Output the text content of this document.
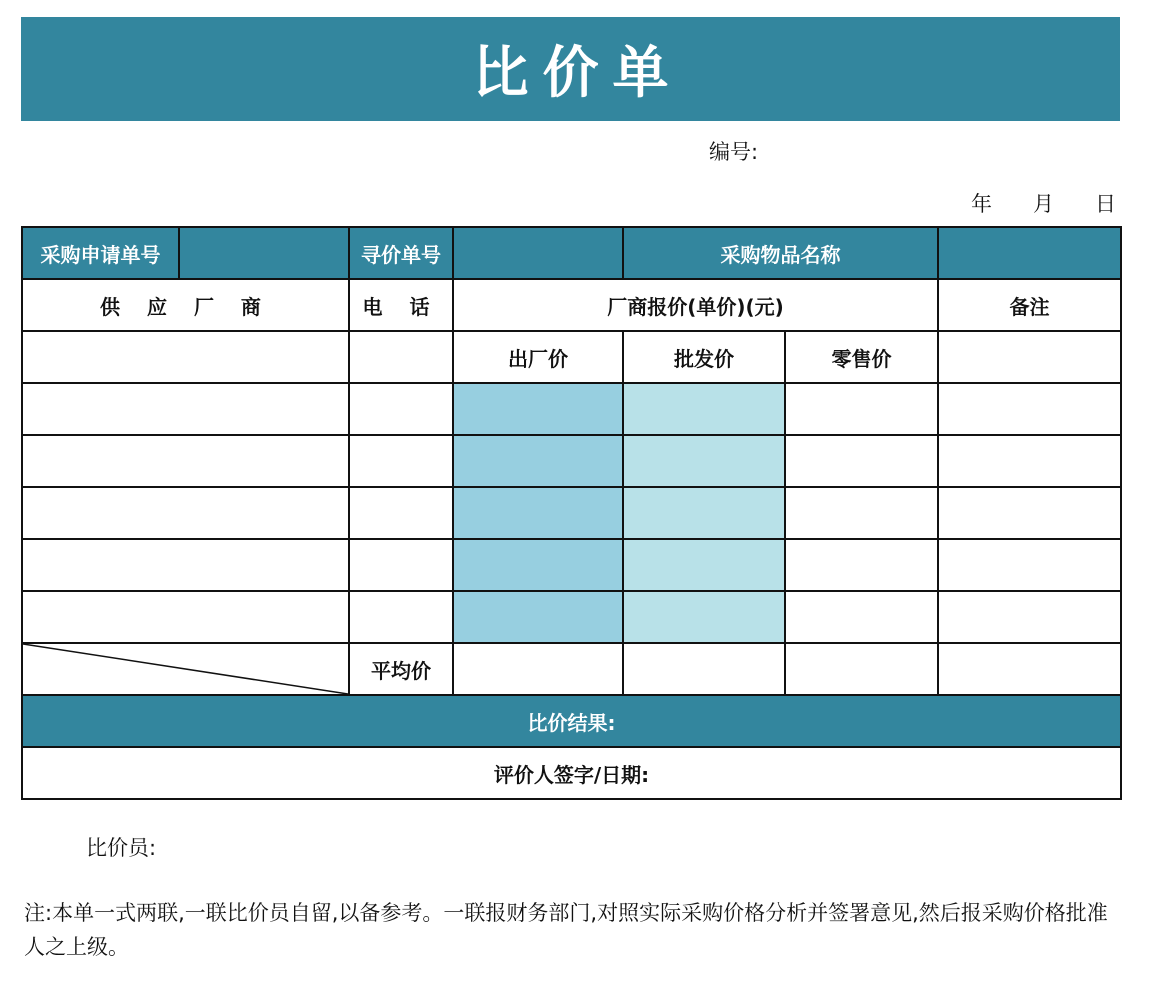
比价单
编号:
年 月 日
采购申请单号		寻价单号		采购物品名称		
供 应 厂 商		电 话	厂商报价(单价)(元)			备注
			出厂价	批发价	零售价	

	平均价				
比价结果:						
评价人签字/日期:						
比价员:
注:本单一式两联,一联比价员自留,以备参考。一联报财务部门,对照实际采购价格分析并签署意见,然后报采购价格批准人之上级。
